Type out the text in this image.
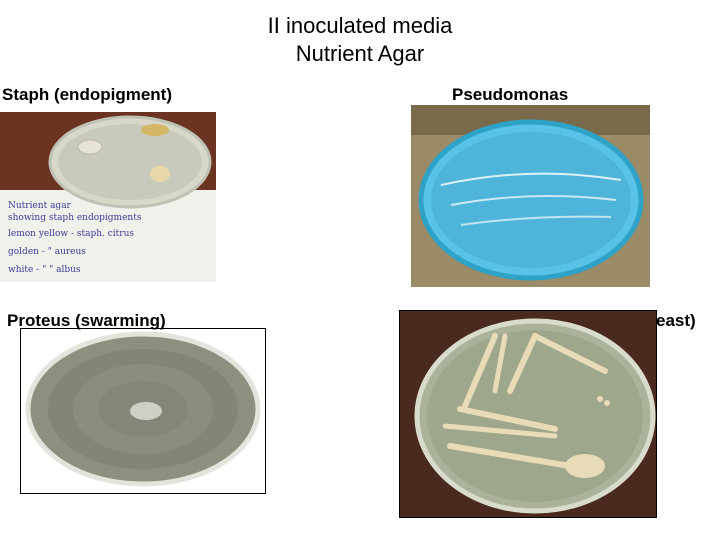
II inoculated media
Nutrient Agar
Nutrient agar
showing staph endopigments
lemon yellow - staph. citrus
golden - " aureus
white - " " albus
Staph (endopigment)	Pseudomonas
Proteus (swarming)	east)
